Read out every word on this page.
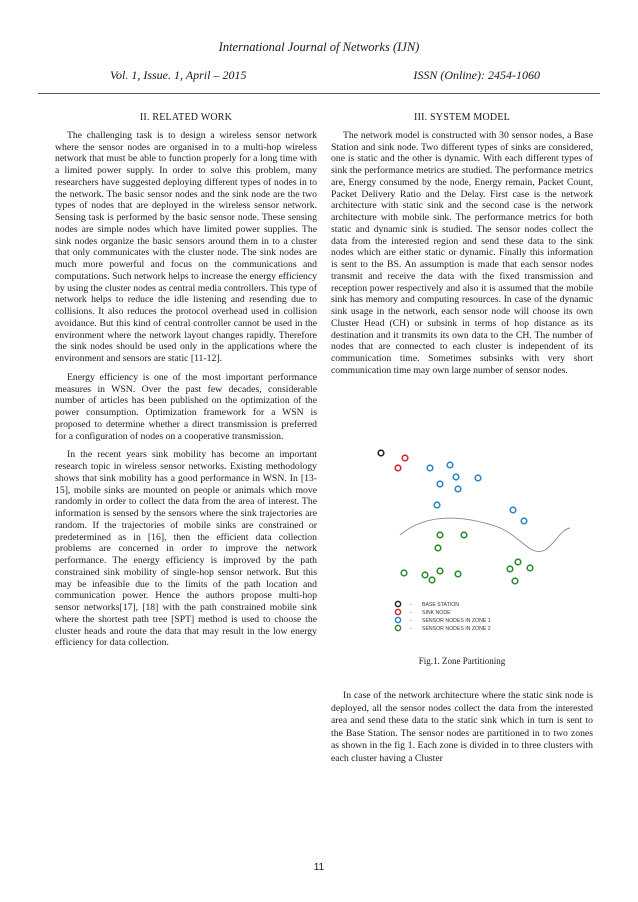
International Journal of Networks (IJN)
Vol. 1, Issue. 1, April – 2015	ISSN (Online): 2454-1060
II. RELATED WORK

The challenging task is to design a wireless sensor network where the sensor nodes are organised in to a multi-hop wireless network that must be able to function properly for a long time with a limited power supply. In order to solve this problem, many researchers have suggested deploying different types of nodes in to the network. The basic sensor nodes and the sink node are the two types of nodes that are deployed in the wireless sensor network. Sensing task is performed by the basic sensor node. These sensing nodes are simple nodes which have limited power supplies. The sink nodes organize the basic sensors around them in to a cluster that only communicates with the cluster node. The sink nodes are much more powerful and focus on the communications and computations. Such network helps to increase the energy efficiency by using the cluster nodes as central media controllers. This type of network helps to reduce the idle listening and resending due to collisions. It also reduces the protocol overhead used in collision avoidance. But this kind of central controller cannot be used in the environment where the network layout changes rapidly. Therefore the sink nodes should be used only in the applications where the environment and sensors are static [11-12].

Energy efficiency is one of the most important performance measures in WSN. Over the past few decades, considerable number of articles has been published on the optimization of the power consumption. Optimization framework for a WSN is proposed to determine whether a direct transmission is preferred for a configuration of nodes on a cooperative transmission.

In the recent years sink mobility has become an important research topic in wireless sensor networks. Existing methodology shows that sink mobility has a good performance in WSN. In [13-15], mobile sinks are mounted on people or animals which move randomly in order to collect the data from the area of interest. The information is sensed by the sensors where the sink trajectories are random. If the trajectories of mobile sinks are constrained or predetermined as in [16], then the efficient data collection problems are concerned in order to improve the network performance. The energy efficiency is improved by the path constrained sink mobility of single-hop sensor network. But this may be infeasible due to the limits of the path location and communication power. Hence the authors propose multi-hop sensor networks[17], [18] with the path constrained mobile sink where the shortest path tree [SPT] method is used to choose the cluster heads and route the data that may result in the low energy efficiency for data collection.

III. SYSTEM MODEL

The network model is constructed with 30 sensor nodes, a Base Station and sink node. Two different types of sinks are considered, one is static and the other is dynamic. With each different types of sink the performance metrics are studied. The performance metrics are, Energy consumed by the node, Energy remain, Packet Count, Packet Delivery Ratio and the Delay. First case is the network architecture with static sink and the second case is the network architecture with mobile sink. The performance metrics for both static and dynamic sink is studied. The sensor nodes collect the data from the interested region and send these data to the sink nodes which are either static or dynamic. Finally this information is sent to the BS. An assumption is made that each sensor nodes transmit and receive the data with the fixed transmission and reception power respectively and also it is assumed that the mobile sink has memory and computing resources. In case of the dynamic sink usage in the network, each sensor node will choose its own Cluster Head (CH) or subsink in terms of hop distance as its destination and it transmits its own data to the CH. The number of nodes that are connected to each cluster is independent of its communication time. Sometimes subsinks with very short communication time may own large number of sensor nodes.

- BASE STATION
- SINK NODE
- SENSOR NODES IN ZONE 1
- SENSOR NODES IN ZONE 2
Fig.1. Zone Partitioning

In case of the network architecture where the static sink node is deployed, all the sensor nodes collect the data from the interested area and send these data to the static sink which in turn is sent to the Base Station. The sensor nodes are partitioned in to two zones as shown in the fig 1. Each zone is divided in to three clusters with each cluster having a Cluster

11
